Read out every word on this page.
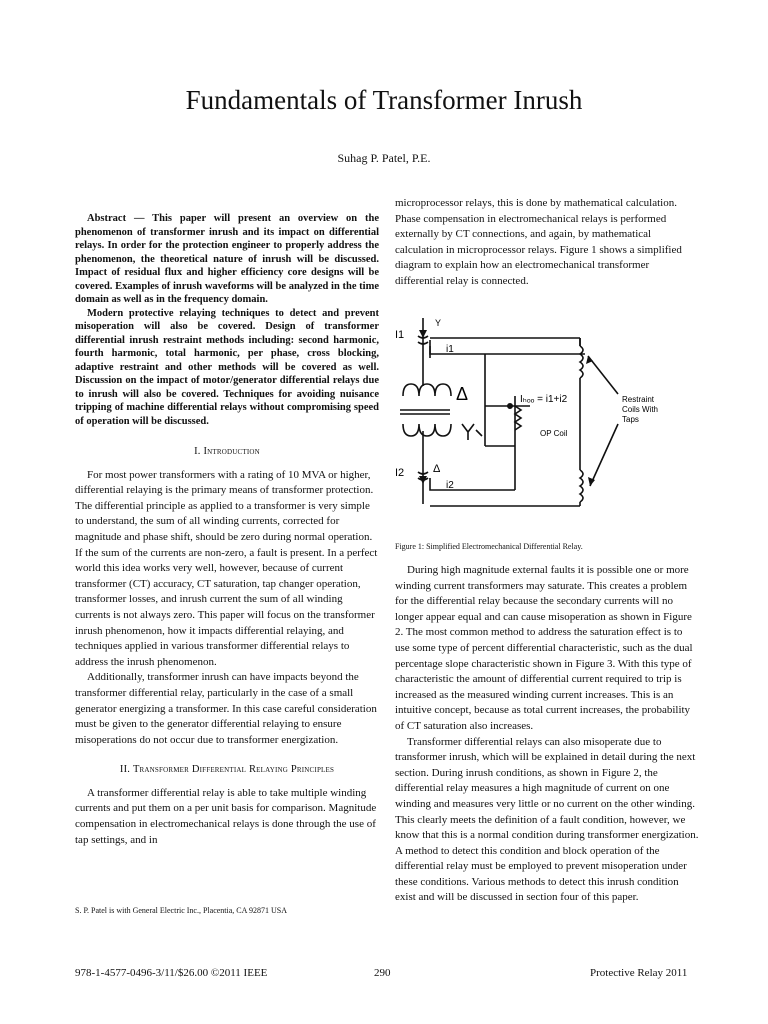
Fundamentals of Transformer Inrush
Suhag P. Patel, P.E.

Abstract — This paper will present an overview on the phenomenon of transformer inrush and its impact on differential relays. In order for the protection engineer to properly address the phenomenon, the theoretical nature of inrush will be discussed. Impact of residual flux and higher efficiency core designs will be covered. Examples of inrush waveforms will be analyzed in the time domain as well as in the frequency domain.

Modern protective relaying techniques to detect and prevent misoperation will also be covered. Design of transformer differential inrush restraint methods including: second harmonic, fourth harmonic, total harmonic, per phase, cross blocking, adaptive restraint and other methods will be covered as well. Discussion on the impact of motor/generator differential relays due to inrush will also be covered. Techniques for avoiding nuisance tripping of machine differential relays without compromising speed of operation will be discussed.

I. Introduction

For most power transformers with a rating of 10 MVA or higher, differential relaying is the primary means of transformer protection. The differential principle as applied to a transformer is very simple to understand, the sum of all winding currents, corrected for magnitude and phase shift, should be zero during normal operation. If the sum of the currents are non-zero, a fault is present. In a perfect world this idea works very well, however, because of current transformer (CT) accuracy, CT saturation, tap changer operation, transformer losses, and inrush current the sum of all winding currents is not always zero. This paper will focus on the transformer inrush phenomenon, how it impacts differential relaying, and techniques applied in various transformer differential relays to address the inrush phenomenon.

Additionally, transformer inrush can have impacts beyond the transformer differential relay, particularly in the case of a small generator energizing a transformer. In this case careful consideration must be given to the generator differential relaying to ensure misoperations do not occur due to transformer energization.

II. Transformer Differential Relaying Principles

A transformer differential relay is able to take multiple winding currents and put them on a per unit basis for comparison. Magnitude compensation in electromechanical relays is done through the use of tap settings, and in

microprocessor relays, this is done by mathematical calculation. Phase compensation in electromechanical relays is performed externally by CT connections, and again, by mathematical calculation in microprocessor relays. Figure 1 shows a simplified diagram to explain how an electromechanical transformer differential relay is connected.

I1
Y
i1
Δ
I2	Δ
i2
Iₕₒₒ = i1+i2
OP Coil
Restraint
Coils With
Taps
Figure 1: Simplified Electromechanical Differential Relay.

During high magnitude external faults it is possible one or more winding current transformers may saturate. This creates a problem for the differential relay because the secondary currents will no longer appear equal and can cause misoperation as shown in Figure 2. The most common method to address the saturation effect is to use some type of percent differential characteristic, such as the dual percentage slope characteristic shown in Figure 3. With this type of characteristic the amount of differential current required to trip is increased as the measured winding current increases. This is an intuitive concept, because as total current increases, the probability of CT saturation also increases.

Transformer differential relays can also misoperate due to transformer inrush, which will be explained in detail during the next section. During inrush conditions, as shown in Figure 2, the differential relay measures a high magnitude of current on one winding and measures very little or no current on the other winding. This clearly meets the definition of a fault condition, however, we know that this is a normal condition during transformer energization. A method to detect this condition and block operation of the differential relay must be employed to prevent misoperation under these conditions. Various methods to detect this inrush condition exist and will be discussed in section four of this paper.

S. P. Patel is with General Electric Inc., Placentia, CA 92871 USA
978-1-4577-0496-3/11/$26.00 ©2011 IEEE	290	Protective Relay 2011
